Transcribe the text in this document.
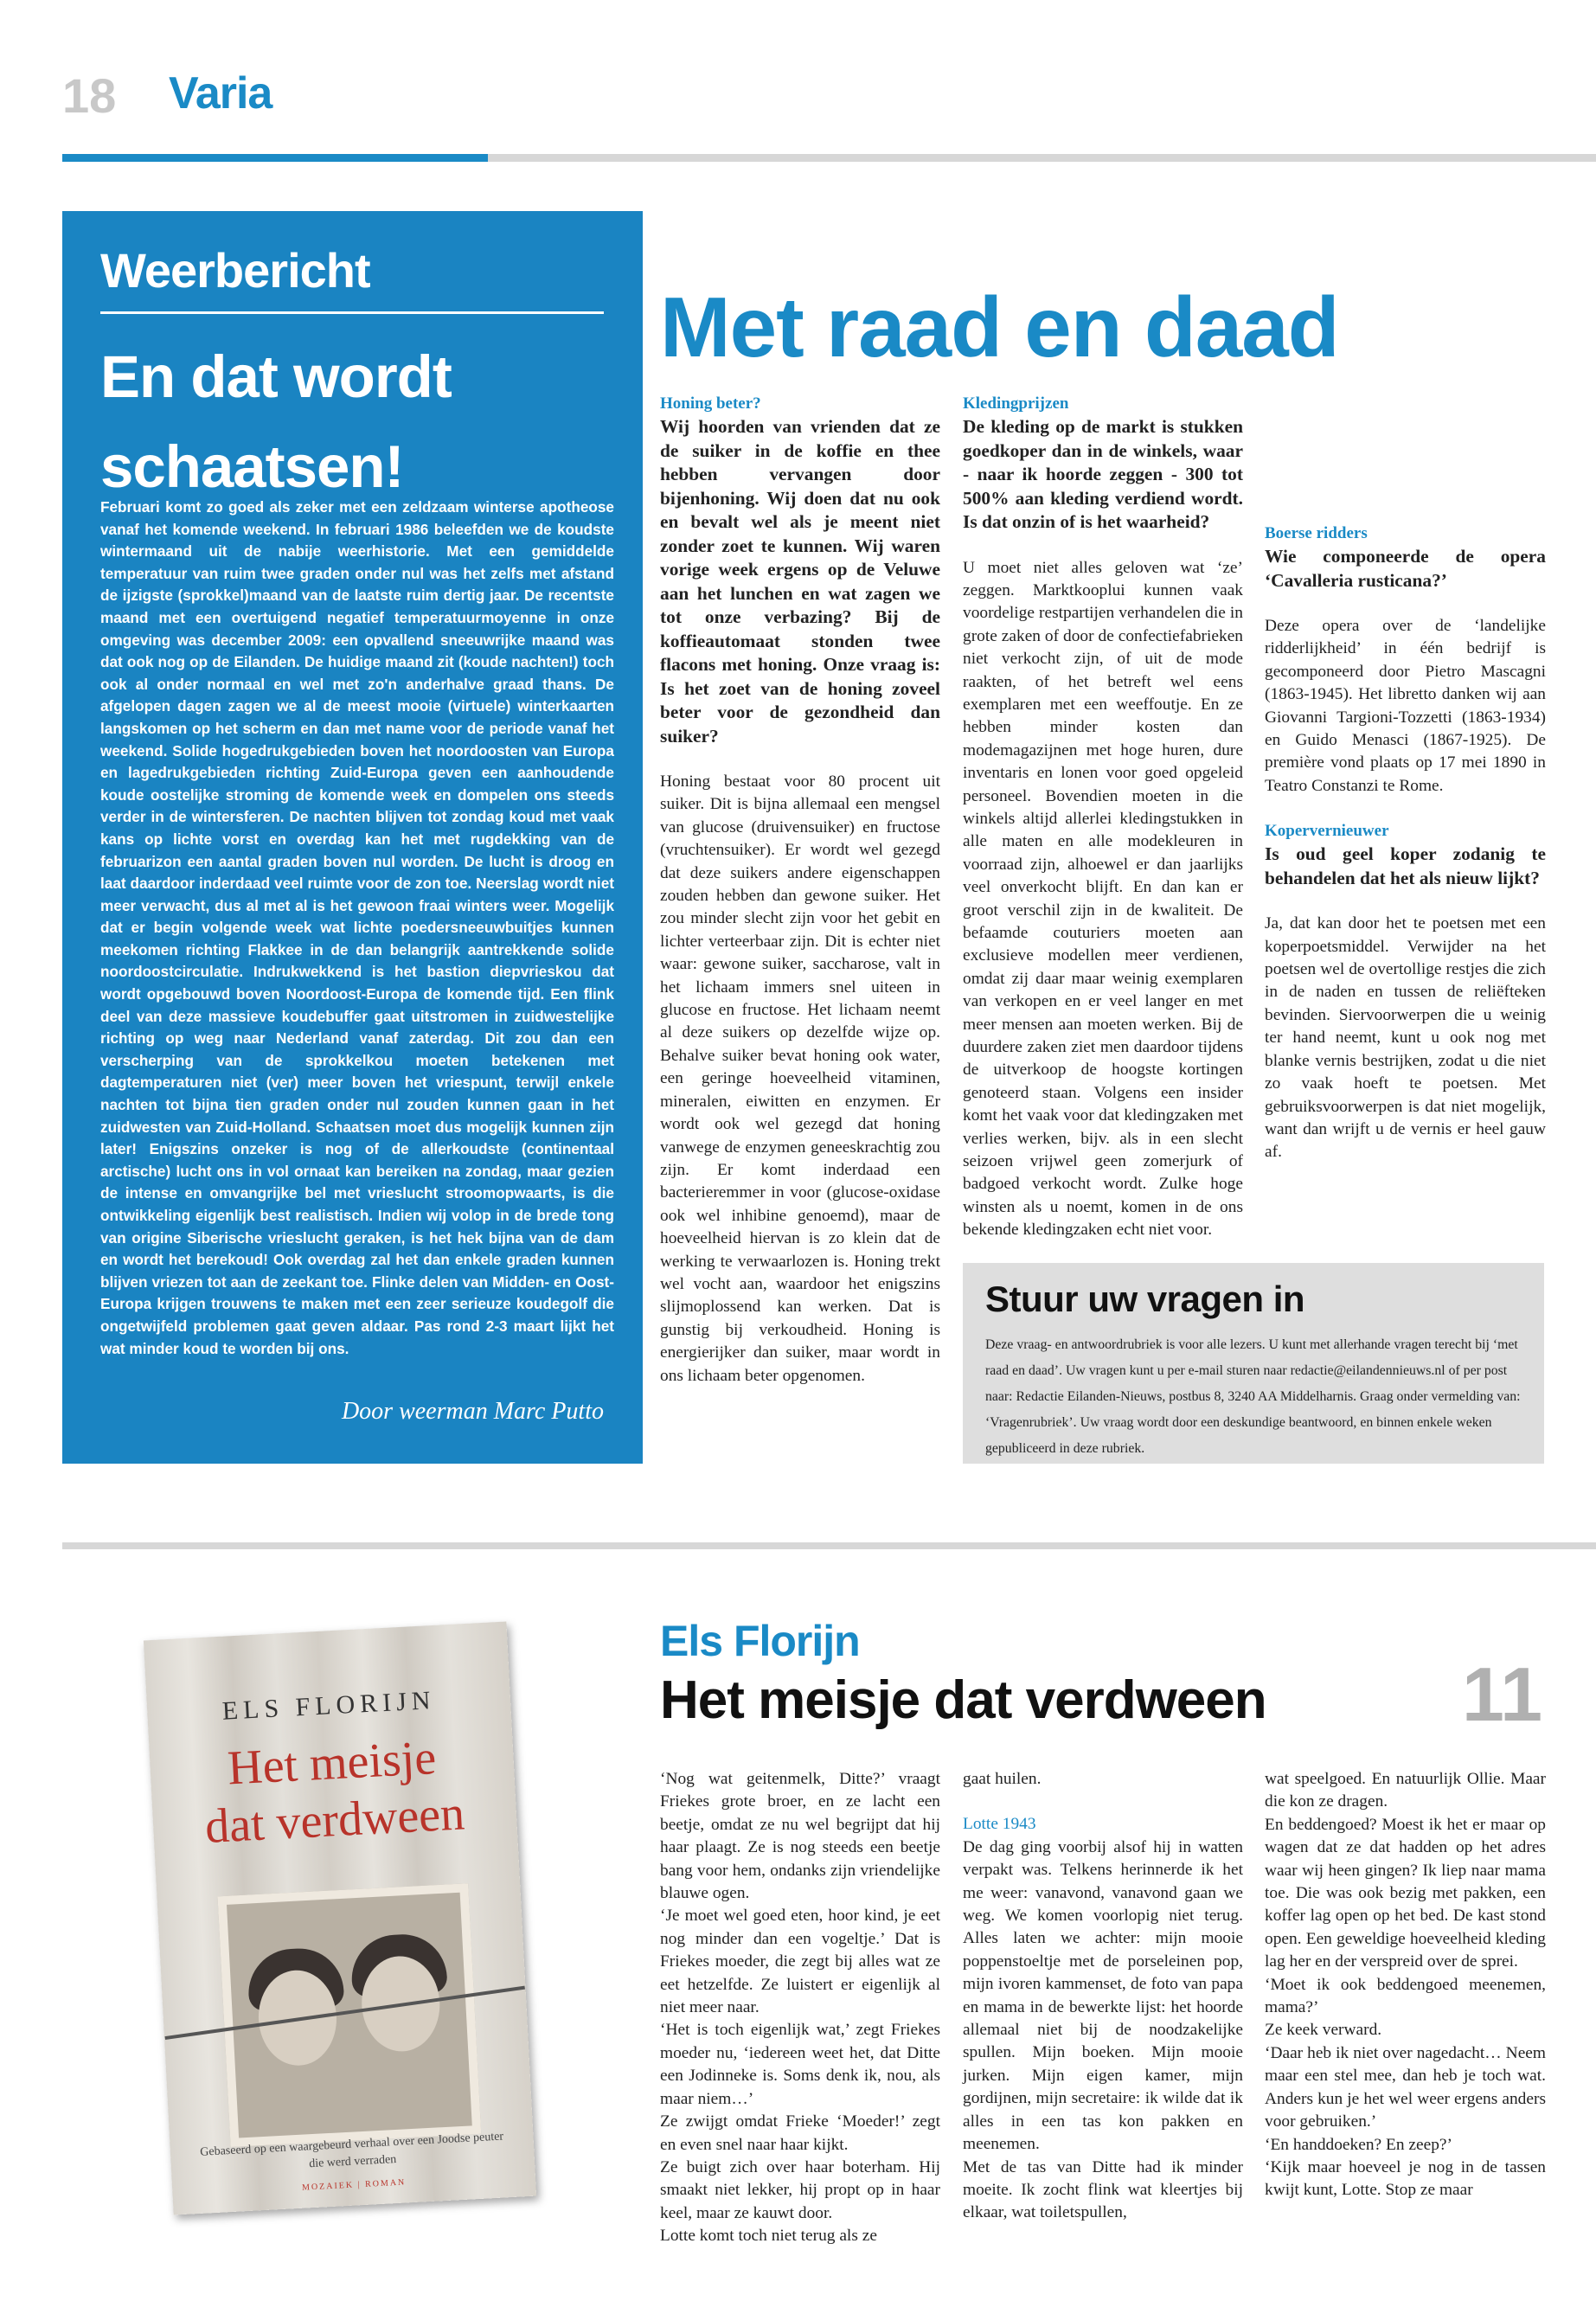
18 Varia
Weerbericht
En dat wordt schaatsen!
Februari komt zo goed als zeker met een zeldzaam winterse apotheose vanaf het komende weekend. In februari 1986 beleefden we de koudste wintermaand uit de nabije weerhistorie. Met een gemiddelde temperatuur van ruim twee graden onder nul was het zelfs met afstand de ijzigste (sprokkel)maand van de laatste ruim dertig jaar. De recentste maand met een overtuigend negatief temperatuurmoyenne in onze omgeving was december 2009: een opvallend sneeuwrijke maand was dat ook nog op de Eilanden. De huidige maand zit (koude nachten!) toch ook al onder normaal en wel met zo'n anderhalve graad thans. De afgelopen dagen zagen we al de meest mooie (virtuele) winterkaarten langskomen op het scherm en dan met name voor de periode vanaf het weekend. Solide hogedrukgebieden boven het noordoosten van Europa en lagedrukgebieden richting Zuid-Europa geven een aanhoudende koude oostelijke stroming de komende week en dompelen ons steeds verder in de wintersferen. De nachten blijven tot zondag koud met vaak kans op lichte vorst en overdag kan het met rugdekking van de februarizon een aantal graden boven nul worden. De lucht is droog en laat daardoor inderdaad veel ruimte voor de zon toe. Neerslag wordt niet meer verwacht, dus al met al is het gewoon fraai winters weer. Mogelijk dat er begin volgende week wat lichte poedersneeuwbuitjes kunnen meekomen richting Flakkee in de dan belangrijk aantrekkende solide noordoostcirculatie. Indrukwekkend is het bastion diepvrieskou dat wordt opgebouwd boven Noordoost-Europa de komende tijd. Een flink deel van deze massieve koudebuffer gaat uitstromen in zuidwestelijke richting op weg naar Nederland vanaf zaterdag. Dit zou dan een verscherping van de sprokkelkou moeten betekenen met dagtemperaturen niet (ver) meer boven het vriespunt, terwijl enkele nachten tot bijna tien graden onder nul zouden kunnen gaan in het zuidwesten van Zuid-Holland. Schaatsen moet dus mogelijk kunnen zijn later! Enigszins onzeker is nog of de allerkoudste (continentaal arctische) lucht ons in vol ornaat kan bereiken na zondag, maar gezien de intense en omvangrijke bel met vrieslucht stroomopwaarts, is die ontwikkeling eigenlijk best realistisch. Indien wij volop in de brede tong van origine Siberische vrieslucht geraken, is het hek bijna van de dam en wordt het berekoud! Ook overdag zal het dan enkele graden kunnen blijven vriezen tot aan de zeekant toe. Flinke delen van Midden- en Oost-Europa krijgen trouwens te maken met een zeer serieuze koudegolf die ongetwijfeld problemen gaat geven aldaar. Pas rond 2-3 maart lijkt het wat minder koud te worden bij ons.
Door weerman Marc Putto
Met raad en daad
Honing beter?
Wij hoorden van vrienden dat ze de suiker in de koffie en thee hebben vervangen door bijenhoning. Wij doen dat nu ook en bevalt wel als je meent niet zonder zoet te kunnen. Wij waren vorige week ergens op de Veluwe aan het lunchen en wat zagen we tot onze verbazing? Bij de koffieautomaat stonden twee flacons met honing. Onze vraag is: Is het zoet van de honing zoveel beter voor de gezondheid dan suiker?
Honing bestaat voor 80 procent uit suiker. Dit is bijna allemaal een mengsel van glucose (druivensuiker) en fructose (vruchtensuiker). Er wordt wel gezegd dat deze suikers andere eigenschappen zouden hebben dan gewone suiker. Het zou minder slecht zijn voor het gebit en lichter verteerbaar zijn. Dit is echter niet waar: gewone suiker, saccharose, valt in het lichaam immers snel uiteen in glucose en fructose. Het lichaam neemt al deze suikers op dezelfde wijze op. Behalve suiker bevat honing ook water, een geringe hoeveelheid vitaminen, mineralen, eiwitten en enzymen. Er wordt ook wel gezegd dat honing vanwege de enzymen geneeskrachtig zou zijn. Er komt inderdaad een bacterieremmer in voor (glucose-oxidase ook wel inhibine genoemd), maar de hoeveelheid hiervan is zo klein dat de werking te verwaarlozen is. Honing trekt wel vocht aan, waardoor het enigszins slijmoplossend kan werken. Dat is gunstig bij verkoudheid. Honing is energierijker dan suiker, maar wordt in ons lichaam beter opgenomen.
Kledingprijzen
De kleding op de markt is stukken goedkoper dan in de winkels, waar - naar ik hoorde zeggen - 300 tot 500% aan kleding verdiend wordt. Is dat onzin of is het waarheid?
U moet niet alles geloven wat ‘ze’ zeggen. Marktkooplui kunnen vaak voordelige restpartijen verhandelen die in grote zaken of door de confectiefabrieken niet verkocht zijn, of uit de mode raakten, of het betreft wel eens exemplaren met een weeffoutje. En ze hebben minder kosten dan modemagazijnen met hoge huren, dure inventaris en lonen voor goed opgeleid personeel. Bovendien moeten in die winkels altijd allerlei kledingstukken in alle maten en alle modekleuren in voorraad zijn, alhoewel er dan jaarlijks veel onverkocht blijft. En dan kan er groot verschil zijn in de kwaliteit. De befaamde couturiers moeten aan exclusieve modellen meer verdienen, omdat zij daar maar weinig exemplaren van verkopen en er veel langer en met meer mensen aan moeten werken. Bij de duurdere zaken ziet men daardoor tijdens de uitverkoop de hoogste kortingen genoteerd staan. Volgens een insider komt het vaak voor dat kledingzaken met verlies werken, bijv. als in een slecht seizoen vrijwel geen zomerjurk of badgoed verkocht wordt. Zulke hoge winsten als u noemt, komen in de ons bekende kledingzaken echt niet voor.
Boerse ridders
Wie componeerde de opera ‘Cavalleria rusticana?’
Deze opera over de ‘landelijke ridderlijkheid’ in één bedrijf is gecomponeerd door Pietro Mascagni (1863-1945). Het libretto danken wij aan Giovanni Targioni-Tozzetti (1863-1934) en Guido Menasci (1867-1925). De première vond plaats op 17 mei 1890 in Teatro Constanzi te Rome.
Kopervernieuwer
Is oud geel koper zodanig te behandelen dat het als nieuw lijkt?
Ja, dat kan door het te poetsen met een koperpoetsmiddel. Verwijder na het poetsen wel de overtollige restjes die zich in de naden en tussen de reliëfteken bevinden. Siervoorwerpen die u weinig ter hand neemt, kunt u ook nog met blanke vernis bestrijken, zodat u die niet zo vaak hoeft te poetsen. Met gebruiksvoorwerpen is dat niet mogelijk, want dan wrijft u de vernis er heel gauw af.
Stuur uw vragen in
Deze vraag- en antwoordrubriek is voor alle lezers. U kunt met allerhande vragen terecht bij ‘met raad en daad’. Uw vragen kunt u per e-mail sturen naar redactie@eilandennieuws.nl of per post naar: Redactie Eilanden-Nieuws, postbus 8, 3240 AA Middelharnis. Graag onder vermelding van: ‘Vragenrubriek’. Uw vraag wordt door een deskundige beantwoord, en binnen enkele weken gepubliceerd in deze rubriek.
ELS FLORIJN
Het meisje
dat verdween
Gebaseerd op een waargebeurd verhaal over een Joodse peuter die werd verraden
MOZAIEK | ROMAN
Els Florijn
Het meisje dat verdween	11

‘Nog wat geitenmelk, Ditte?’ vraagt Friekes grote broer, en ze lacht een beetje, omdat ze nu wel begrijpt dat hij haar plaagt. Ze is nog steeds een beetje bang voor hem, ondanks zijn vriendelijke blauwe ogen.

‘Je moet wel goed eten, hoor kind, je eet nog minder dan een vogeltje.’ Dat is Friekes moeder, die zegt bij alles wat ze eet hetzelfde. Ze luistert er eigenlijk al niet meer naar.

‘Het is toch eigenlijk wat,’ zegt Friekes moeder nu, ‘iedereen weet het, dat Ditte een Jodinneke is. Soms denk ik, nou, als maar niem…’

Ze zwijgt omdat Frieke ‘Moeder!’ zegt en even snel naar haar kijkt.

Ze buigt zich over haar boterham. Hij smaakt niet lekker, hij propt op in haar keel, maar ze kauwt door.

Lotte komt toch niet terug als ze

gaat huilen.

Lotte 1943

De dag ging voorbij alsof hij in watten verpakt was. Telkens herinnerde ik het me weer: vanavond, vanavond gaan we weg. We komen voorlopig niet terug. Alles laten we achter: mijn mooie poppenstoeltje met de porseleinen pop, mijn ivoren kammenset, de foto van papa en mama in de bewerkte lijst: het hoorde allemaal niet bij de noodzakelijke spullen. Mijn boeken. Mijn mooie jurken. Mijn eigen kamer, mijn gordijnen, mijn secretaire: ik wilde dat ik alles in een tas kon pakken en meenemen.

Met de tas van Ditte had ik minder moeite. Ik zocht flink wat kleertjes bij elkaar, wat toiletspullen,

wat speelgoed. En natuurlijk Ollie. Maar die kon ze dragen.

En beddengoed? Moest ik het er maar op wagen dat ze dat hadden op het adres waar wij heen gingen? Ik liep naar mama toe. Die was ook bezig met pakken, een koffer lag open op het bed. De kast stond open. Een geweldige hoeveelheid kleding lag her en der verspreid over de sprei.

‘Moet ik ook beddengoed meenemen, mama?’

Ze keek verward.

‘Daar heb ik niet over nagedacht… Neem maar een stel mee, dan heb je toch wat. Anders kun je het wel weer ergens anders voor gebruiken.’

‘En handdoeken? En zeep?’

‘Kijk maar hoeveel je nog in de tassen kwijt kunt, Lotte. Stop ze maar
